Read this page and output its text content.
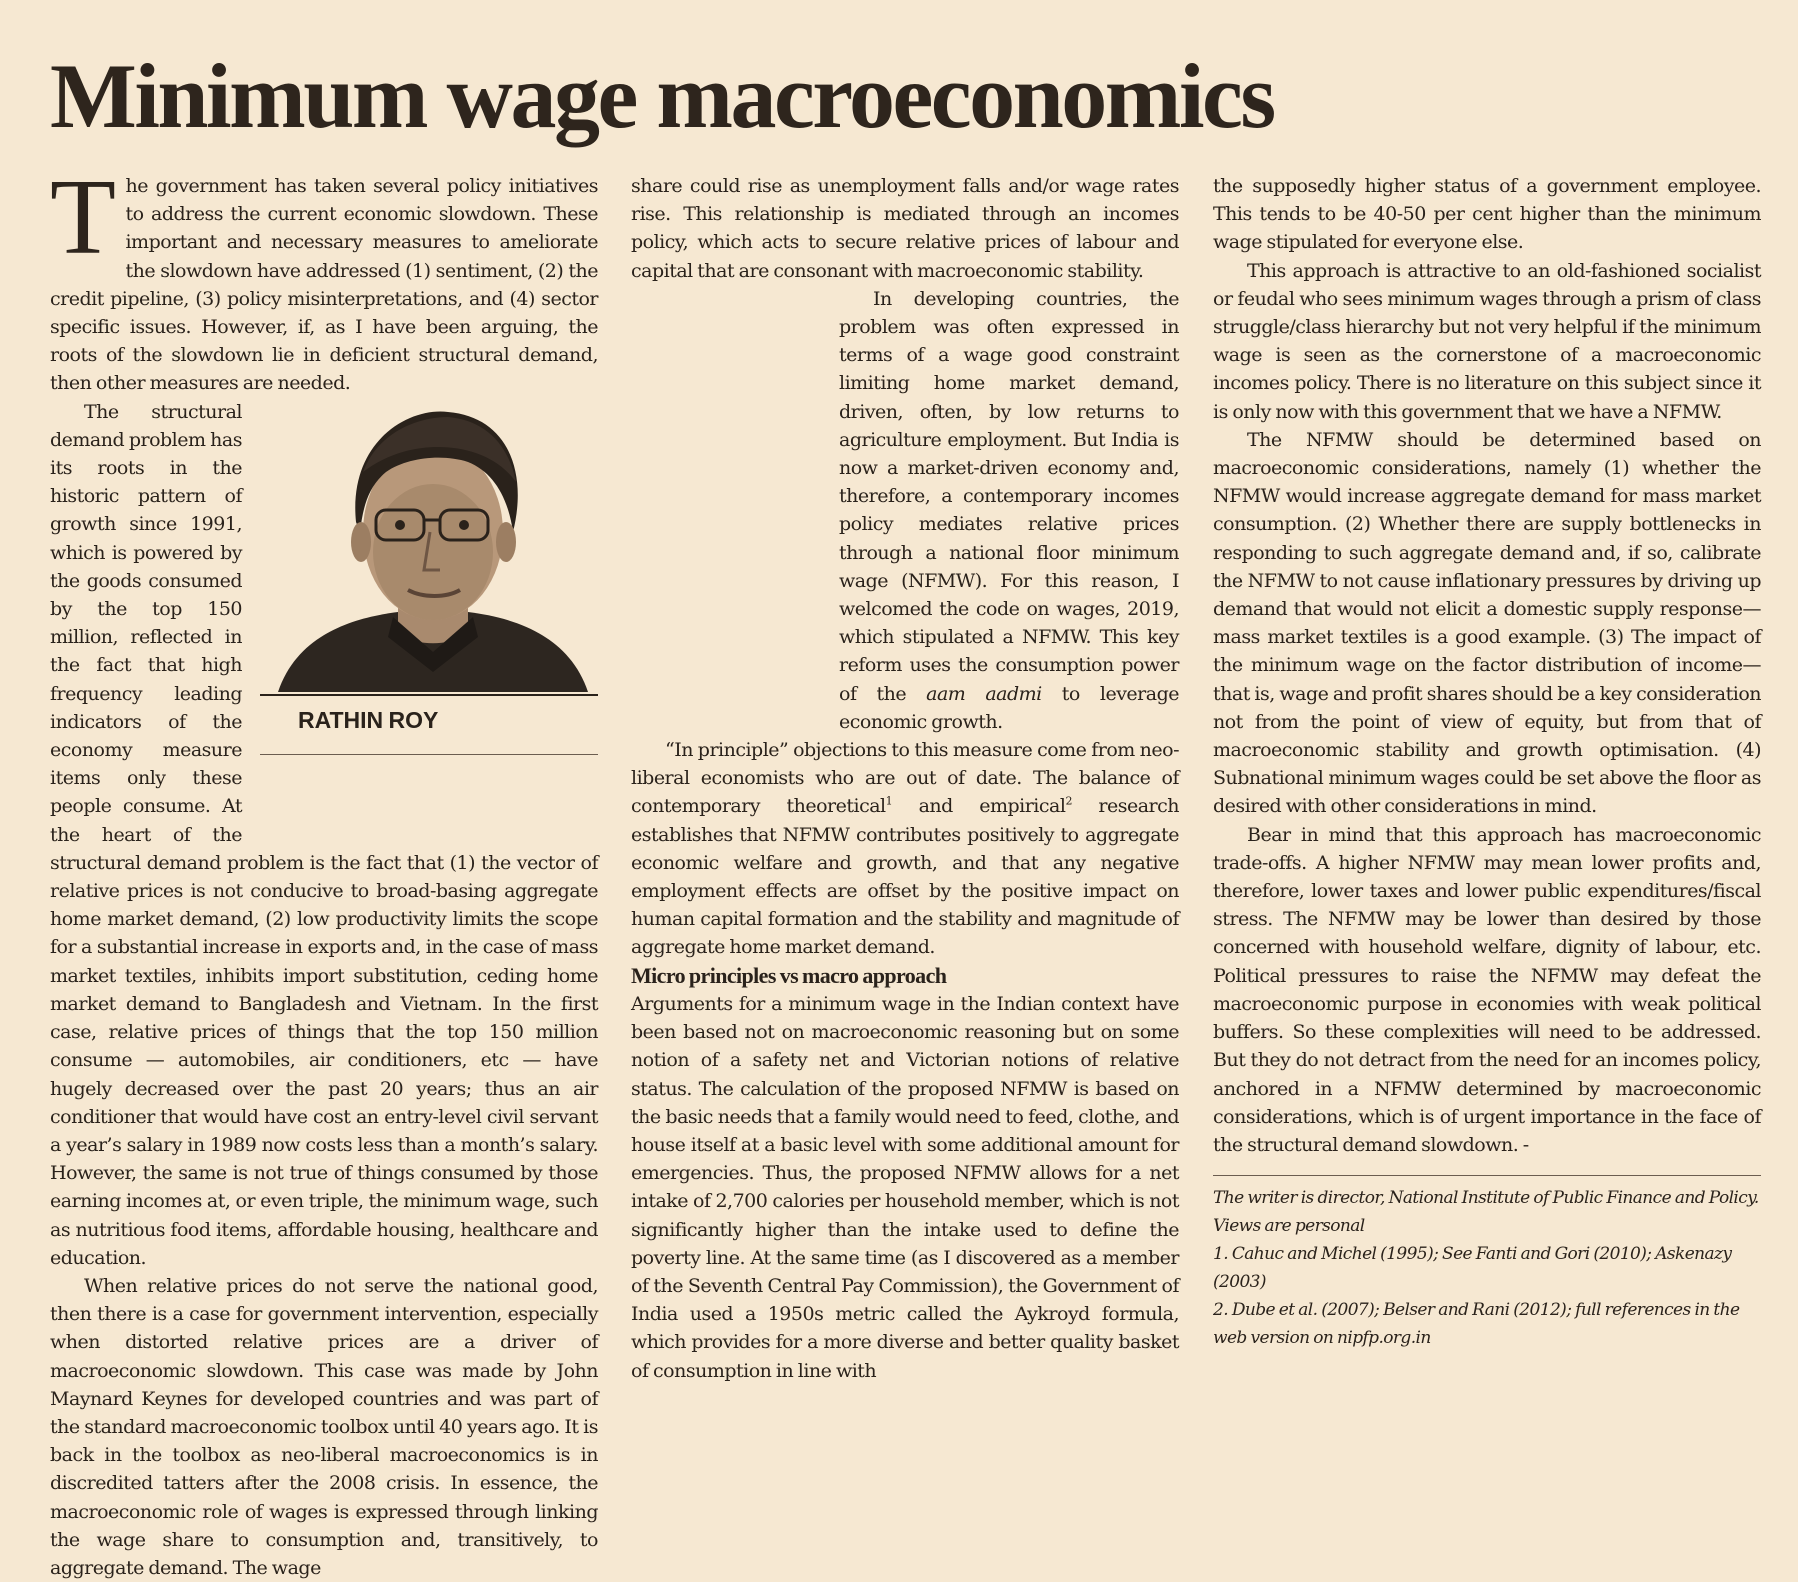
Minimum wage macroeconomics

The government has taken several policy initiatives to address the current economic slowdown. These important and necessary measures to ameliorate the slowdown have addressed (1) sentiment, (2) the credit pipeline, (3) policy misinterpretations, and (4) sector specific issues. However, if, as I have been arguing, the roots of the slowdown lie in deficient structural demand, then other measures are needed.

RATHIN ROY
The structural demand problem has its roots in the historic pattern of growth since 1991, which is powered by the goods consumed by the top 150 million, reflected in the fact that high frequency leading indicators of the economy measure items only these people consume. At the heart of the structural demand problem is the fact that (1) the vector of relative prices is not conducive to broad-basing aggregate home market demand, (2) low productivity limits the scope for a substantial increase in exports and, in the case of mass market textiles, inhibits import substitution, ceding home market demand to Bangladesh and Vietnam. In the first case, relative prices of things that the top 150 million consume — automobiles, air conditioners, etc — have hugely decreased over the past 20 years; thus an air conditioner that would have cost an entry-level civil servant a year’s salary in 1989 now costs less than a month’s salary. However, the same is not true of things consumed by those earning incomes at, or even triple, the minimum wage, such as nutritious food items, affordable housing, healthcare and education.

When relative prices do not serve the national good, then there is a case for government intervention, especially when distorted relative prices are a driver of macroeconomic slowdown. This case was made by John Maynard Keynes for developed countries and was part of the standard macroeconomic toolbox until 40 years ago. It is back in the toolbox as neo-liberal macroeconomics is in discredited tatters after the 2008 crisis. In essence, the macroeconomic role of wages is expressed through linking the wage share to consumption and, transitively, to aggregate demand. The wage

share could rise as unemployment falls and/or wage rates rise. This relationship is mediated through an incomes policy, which acts to secure relative prices of labour and capital that are consonant with macroeconomic stability.

In developing countries, the problem was often expressed in terms of a wage good constraint limiting home market demand, driven, often, by low returns to agriculture employment. But India is now a market-driven economy and, therefore, a contemporary incomes policy mediates relative prices through a national floor minimum wage (NFMW). For this reason, I welcomed the code on wages, 2019, which stipulated a NFMW. This key reform uses the consumption power of the aam aadmi to leverage economic growth.

“In principle” objections to this measure come from neo-liberal economists who are out of date. The balance of contemporary theoretical$^1$ and empirical$^2$ research establishes that NFMW contributes positively to aggregate economic welfare and growth, and that any negative employment effects are offset by the positive impact on human capital formation and the stability and magnitude of aggregate home market demand.

Micro principles vs macro approach

Arguments for a minimum wage in the Indian context have been based not on macroeconomic reasoning but on some notion of a safety net and Victorian notions of relative status. The calculation of the proposed NFMW is based on the basic needs that a family would need to feed, clothe, and house itself at a basic level with some additional amount for emergencies. Thus, the proposed NFMW allows for a net intake of 2,700 calories per household member, which is not significantly higher than the intake used to define the poverty line. At the same time (as I discovered as a member of the Seventh Central Pay Commission), the Government of India used a 1950s metric called the Aykroyd formula, which provides for a more diverse and better quality basket of consumption in line with

the supposedly higher status of a government employee. This tends to be 40-50 per cent higher than the minimum wage stipulated for everyone else.

This approach is attractive to an old-fashioned socialist or feudal who sees minimum wages through a prism of class struggle/class hierarchy but not very helpful if the minimum wage is seen as the cornerstone of a macroeconomic incomes policy. There is no literature on this subject since it is only now with this government that we have a NFMW.

The NFMW should be determined based on macroeconomic considerations, namely (1) whether the NFMW would increase aggregate demand for mass market consumption. (2) Whether there are supply bottlenecks in responding to such aggregate demand and, if so, calibrate the NFMW to not cause inflationary pressures by driving up demand that would not elicit a domestic supply response—mass market textiles is a good example. (3) The impact of the minimum wage on the factor distribution of income— that is, wage and profit shares should be a key consideration not from the point of view of equity, but from that of macroeconomic stability and growth optimisation. (4) Subnational minimum wages could be set above the floor as desired with other considerations in mind.

Bear in mind that this approach has macroeconomic trade-offs. A higher NFMW may mean lower profits and, therefore, lower taxes and lower public expenditures/fiscal stress. The NFMW may be lower than desired by those concerned with household welfare, dignity of labour, etc. Political pressures to raise the NFMW may defeat the macroeconomic purpose in economies with weak political buffers. So these complexities will need to be addressed. But they do not detract from the need for an incomes policy, anchored in a NFMW determined by macroeconomic considerations, which is of urgent importance in the face of the structural demand slowdown. -

The writer is director, National Institute of Public Finance and Policy. Views are personal

1. Cahuc and Michel (1995); See Fanti and Gori (2010); Askenazy (2003)

2. Dube et al. (2007); Belser and Rani (2012); full references in the web version on nipfp.org.in
